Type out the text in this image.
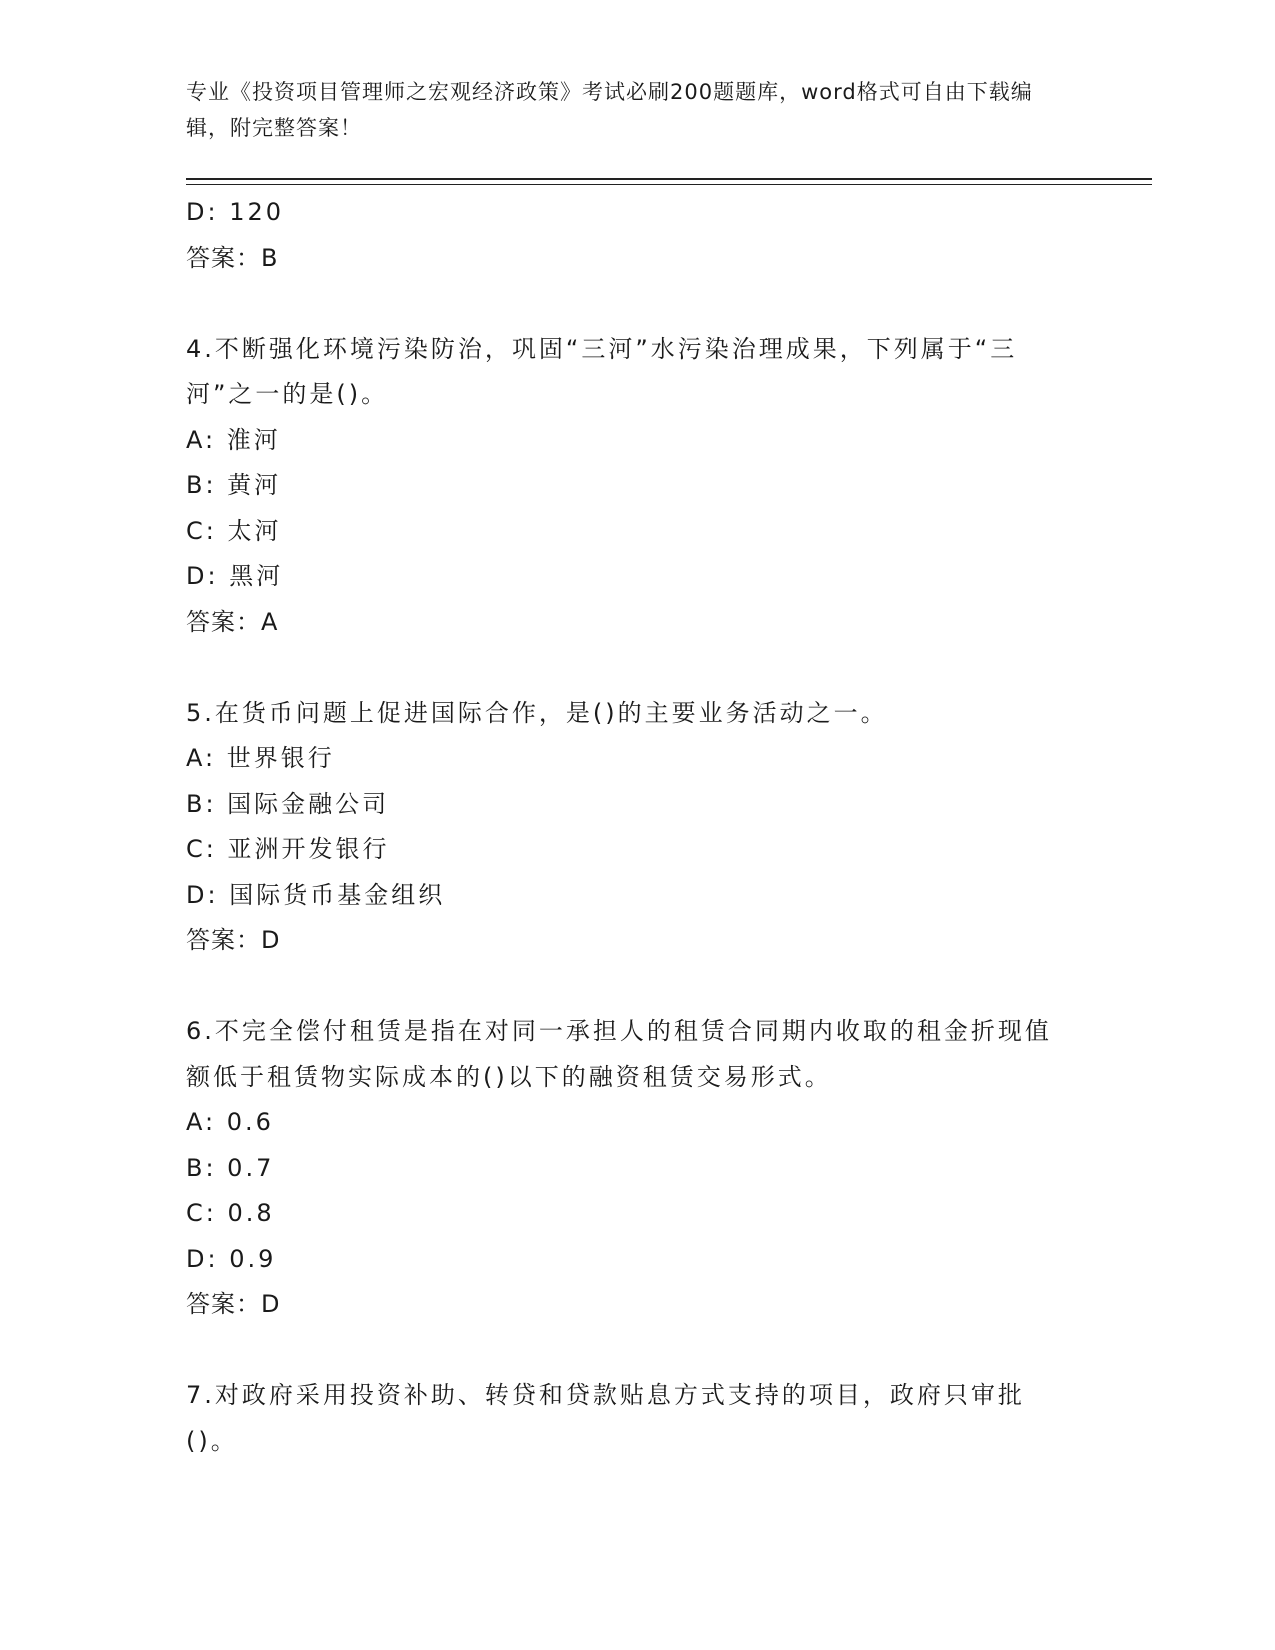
专业《投资项目管理师之宏观经济政策》考试必刷200题题库，word格式可自由下载编辑，附完整答案！
D: 120
答案：B
4.不断强化环境污染防治，巩固“三河”水污染治理成果，下列属于“三河”之一的是()。
A: 淮河
B: 黄河
C: 太河
D: 黑河
答案：A
5.在货币问题上促进国际合作，是()的主要业务活动之一。
A: 世界银行
B: 国际金融公司
C: 亚洲开发银行
D: 国际货币基金组织
答案：D
6.不完全偿付租赁是指在对同一承担人的租赁合同期内收取的租金折现值额低于租赁物实际成本的()以下的融资租赁交易形式。
A: 0.6
B: 0.7
C: 0.8
D: 0.9
答案：D
7.对政府采用投资补助、转贷和贷款贴息方式支持的项目，政府只审批()。
